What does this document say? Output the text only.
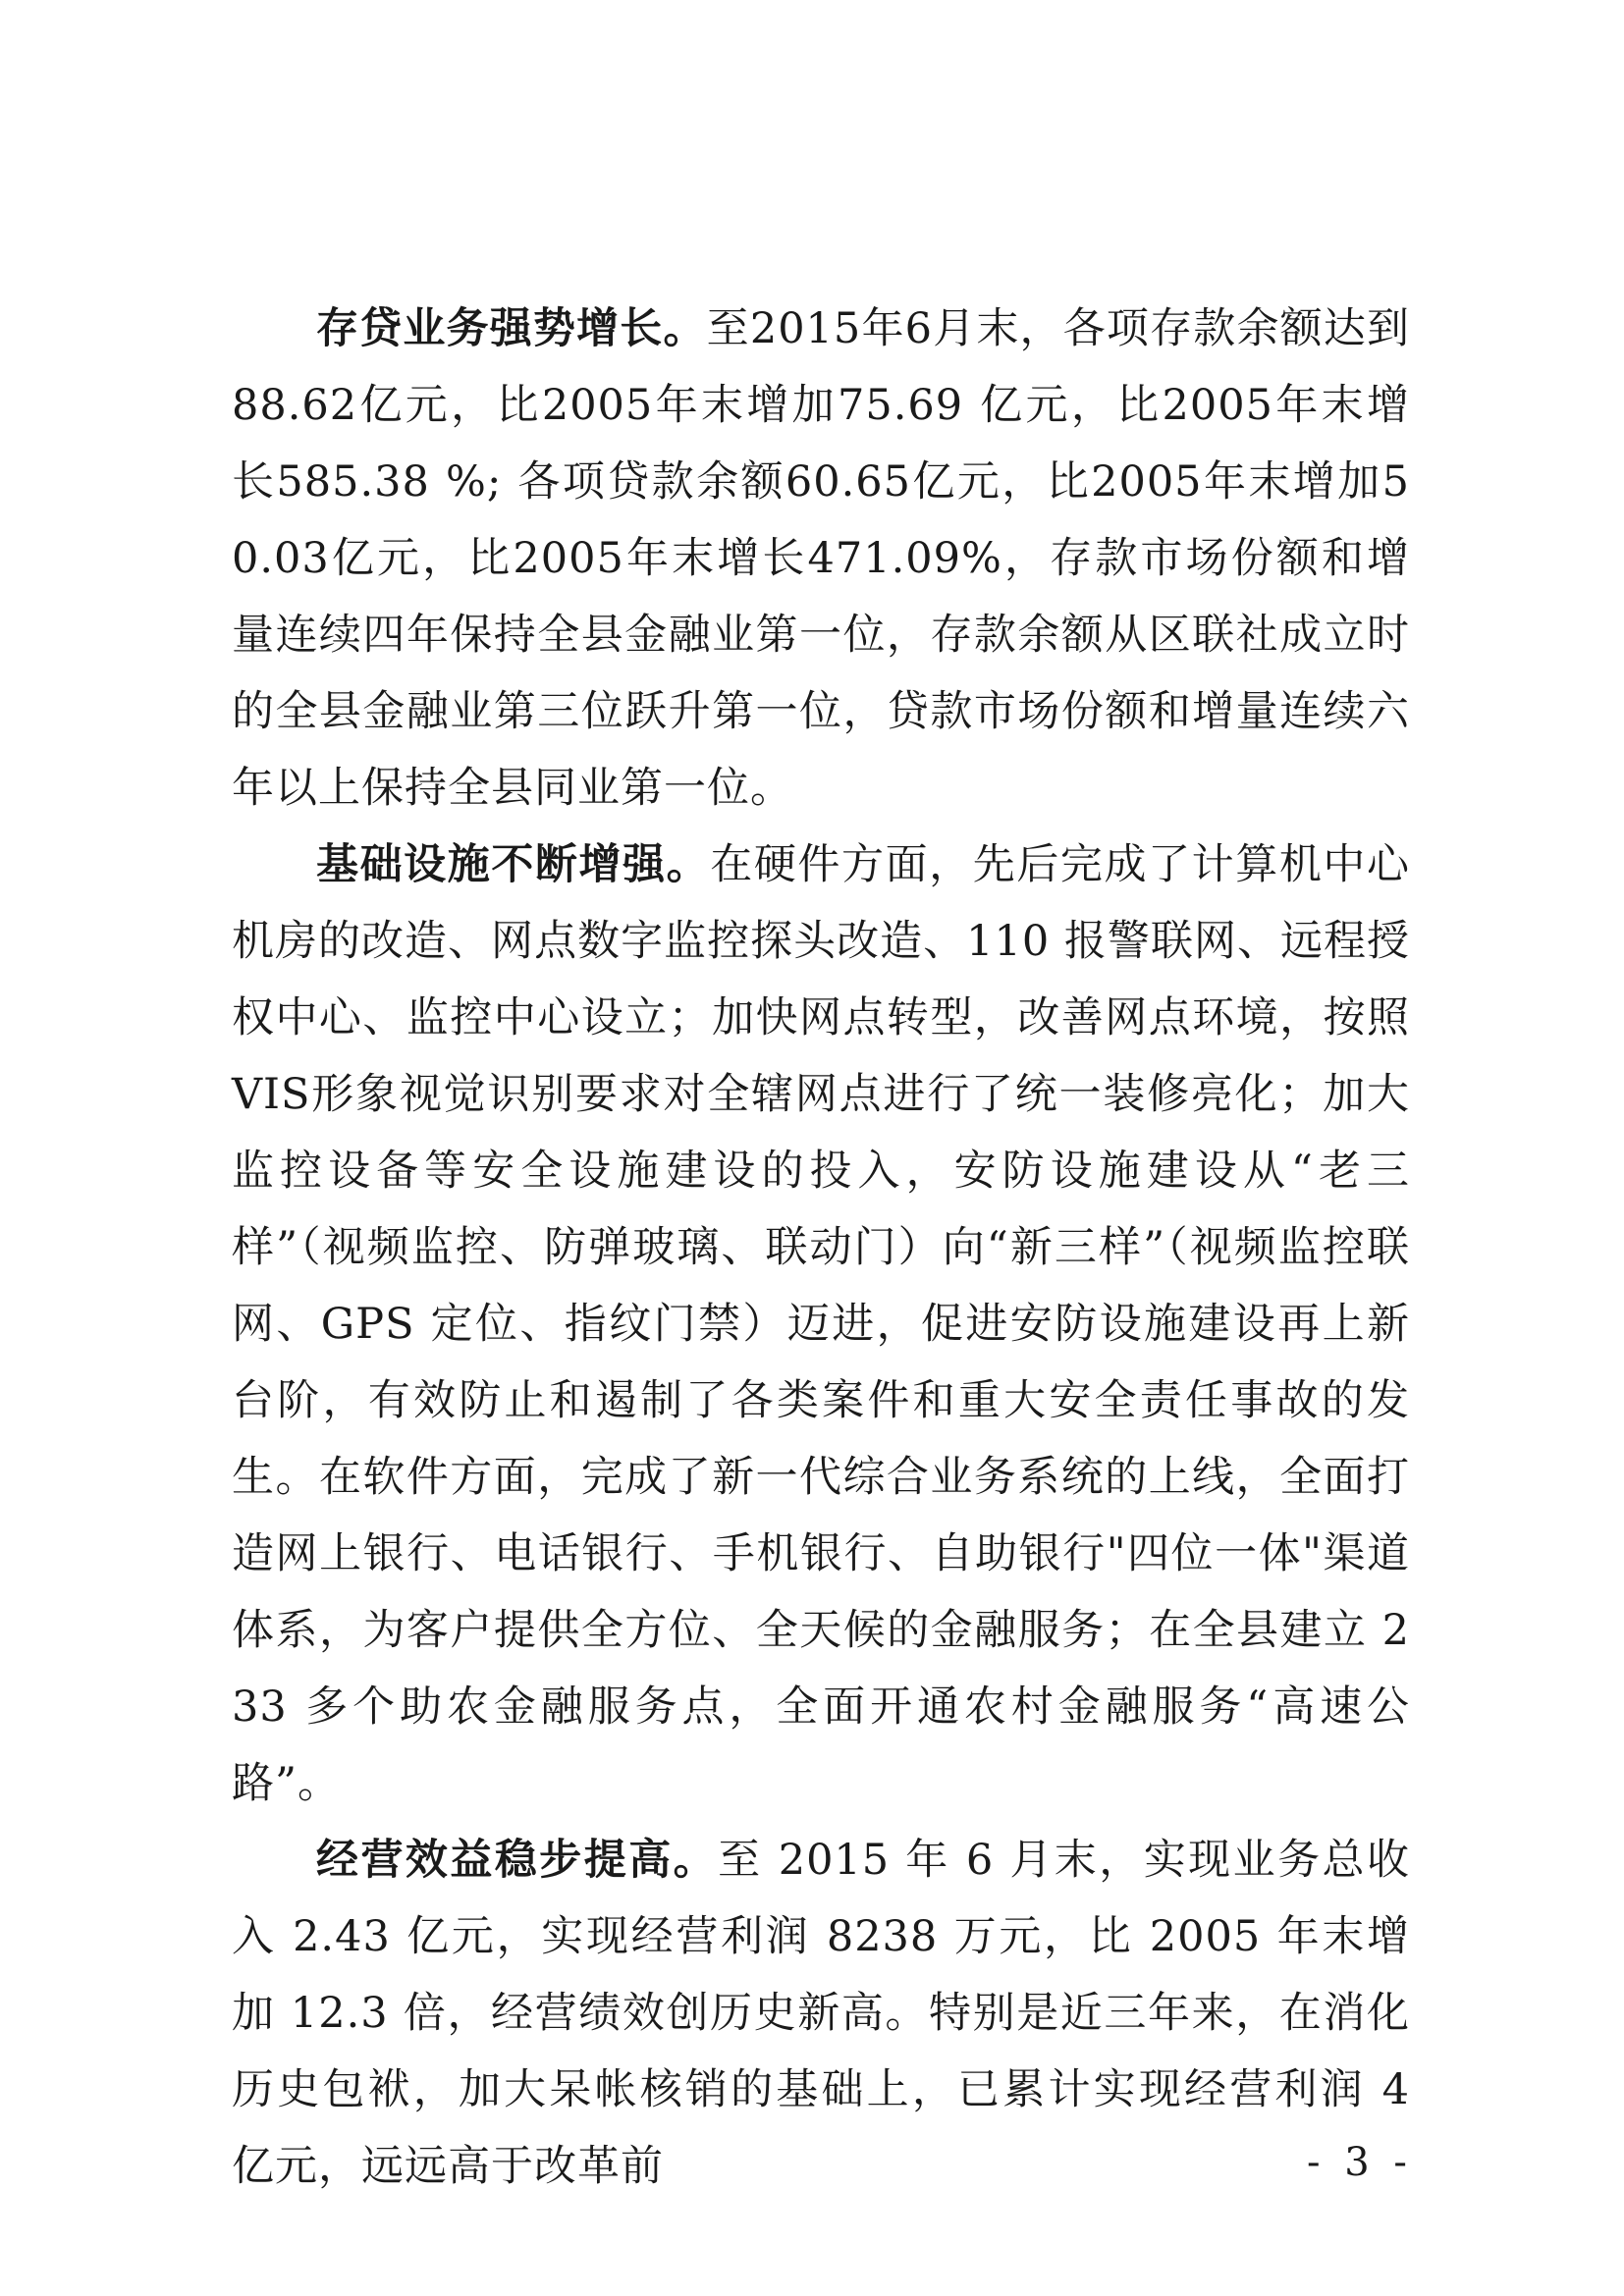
存贷业务强势增长。至2015年6月末，各项存款余额达到88.62亿元，比2005年末增加75.69 亿元，比2005年末增长585.38 %; 各项贷款余额60.65亿元，比2005年末增加50.03亿元，比2005年末增长471.09%，存款市场份额和增量连续四年保持全县金融业第一位，存款余额从区联社成立时的全县金融业第三位跃升第一位，贷款市场份额和增量连续六年以上保持全县同业第一位。

基础设施不断增强。在硬件方面，先后完成了计算机中心机房的改造、网点数字监控探头改造、110 报警联网、远程授权中心、监控中心设立；加快网点转型，改善网点环境，按照VIS形象视觉识别要求对全辖网点进行了统一装修亮化；加大监控设备等安全设施建设的投入，安防设施建设从“老三样”（视频监控、防弹玻璃、联动门）向“新三样”（视频监控联网、GPS 定位、指纹门禁）迈进，促进安防设施建设再上新台阶，有效防止和遏制了各类案件和重大安全责任事故的发生。在软件方面，完成了新一代综合业务系统的上线，全面打造网上银行、电话银行、手机银行、自助银行"四位一体"渠道体系，为客户提供全方位、全天候的金融服务；在全县建立 233 多个助农金融服务点，全面开通农村金融服务“高速公路”。

经营效益稳步提高。至 2015 年 6 月末，实现业务总收入 2.43 亿元，实现经营利润 8238 万元，比 2005 年末增加 12.3 倍，经营绩效创历史新高。特别是近三年来，在消化历史包袱，加大呆帐核销的基础上，已累计实现经营利润 4 亿元，远远高于改革前	- 3 -
